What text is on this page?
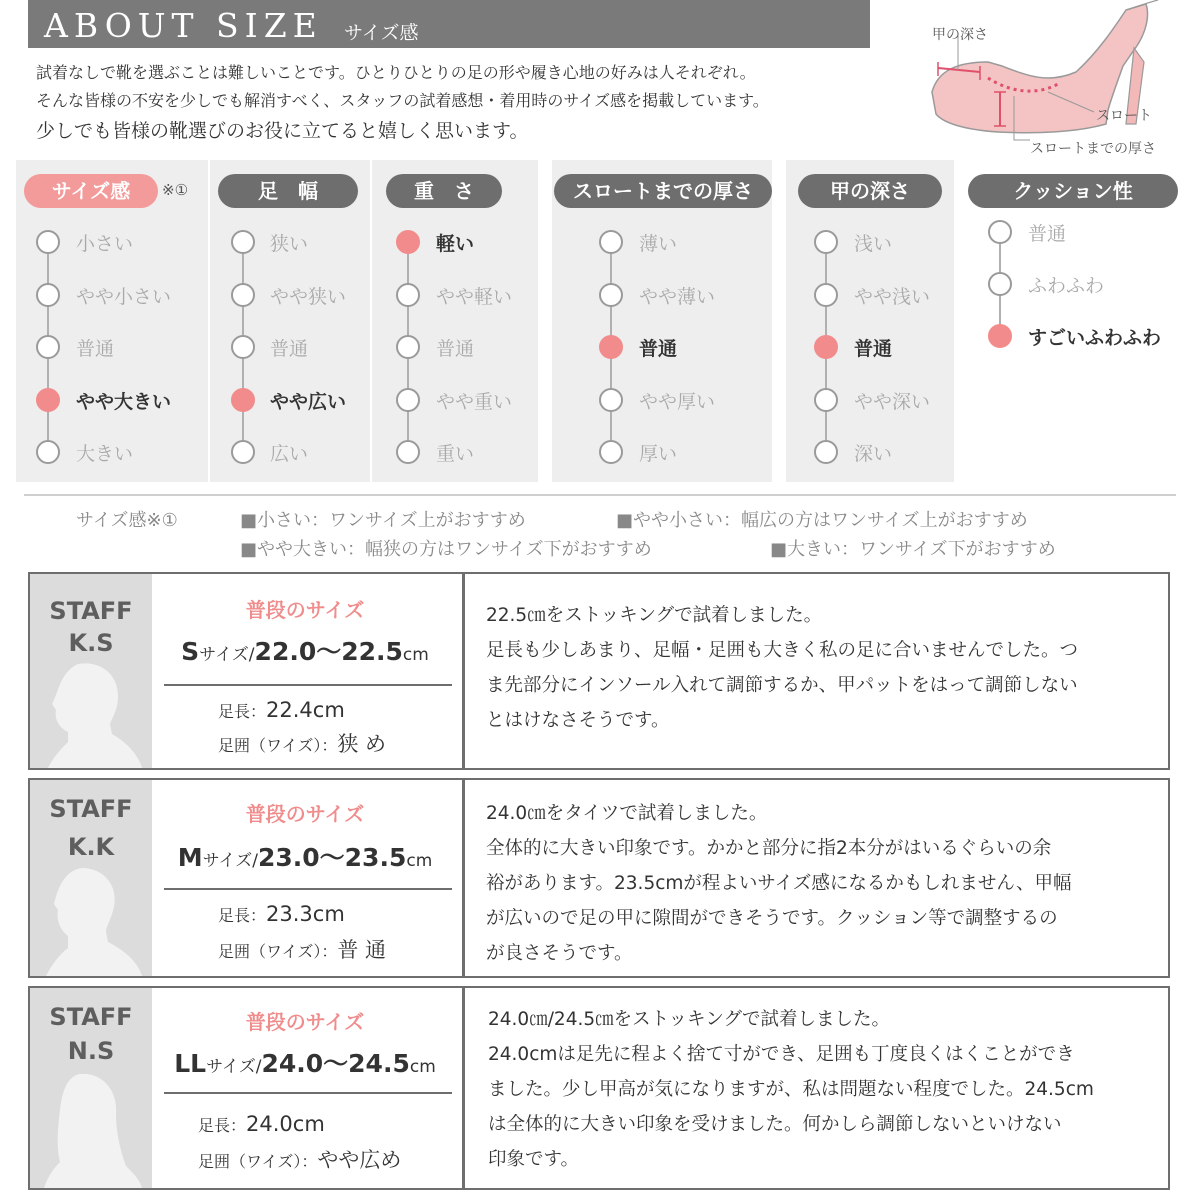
ABOUT SIZE サイズ感
試着なしで靴を選ぶことは難しいことです。ひとりひとりの足の形や履き心地の好みは人それぞれ。
そんな皆様の不安を少しでも解消すべく、スタッフの試着感想・着用時のサイズ感を掲載しています。
少しでも皆様の靴選びのお役に立てると嬉しく思います。
甲の深さ
スロート
スロートまでの厚さ
サイズ感
小さい
やや小さい
普通
やや大きい
大きい
足　幅
狭い
やや狭い
普通
やや広い
広い
重　さ
軽い
やや軽い
普通
やや重い
重い
スロートまでの厚さ
薄い
やや薄い
普通
やや厚い
厚い
甲の深さ
浅い
やや浅い
普通
やや深い
深い
クッション性
普通
ふわふわ
すごいふわふわ
※①
サイズ感※①	■小さい：ワンサイズ上がおすすめ	■やや小さい：幅広の方はワンサイズ上がおすすめ
■やや大きい：幅狭の方はワンサイズ下がおすすめ	■大きい：ワンサイズ下がおすすめ
STAFF
K.S
普段のサイズ
Sサイズ/22.0〜22.5cm
足長：22.4cm
足囲（ワイズ）：狭 め
22.5㎝をストッキングで試着しました。
足長も少しあまり、足幅・足囲も大きく私の足に合いませんでした。つ
ま先部分にインソール入れて調節するか、甲パットをはって調節しない
とはけなさそうです。
STAFF
K.K
普段のサイズ
Mサイズ/23.0〜23.5cm
足長：23.3cm
足囲（ワイズ）：普 通
24.0㎝をタイツで試着しました。
全体的に大きい印象です。かかと部分に指2本分がはいるぐらいの余
裕があります。23.5cmが程よいサイズ感になるかもしれません、甲幅
が広いので足の甲に隙間ができそうです。クッション等で調整するの
が良さそうです。
STAFF
N.S
普段のサイズ
LLサイズ/24.0〜24.5cm
足長：24.0cm
足囲（ワイズ）：やや広め
24.0㎝/24.5㎝をストッキングで試着しました。
24.0cmは足先に程よく捨て寸ができ、足囲も丁度良くはくことができ
ました。少し甲高が気になりますが、私は問題ない程度でした。24.5cm
は全体的に大きい印象を受けました。何かしら調節しないといけない
印象です。
